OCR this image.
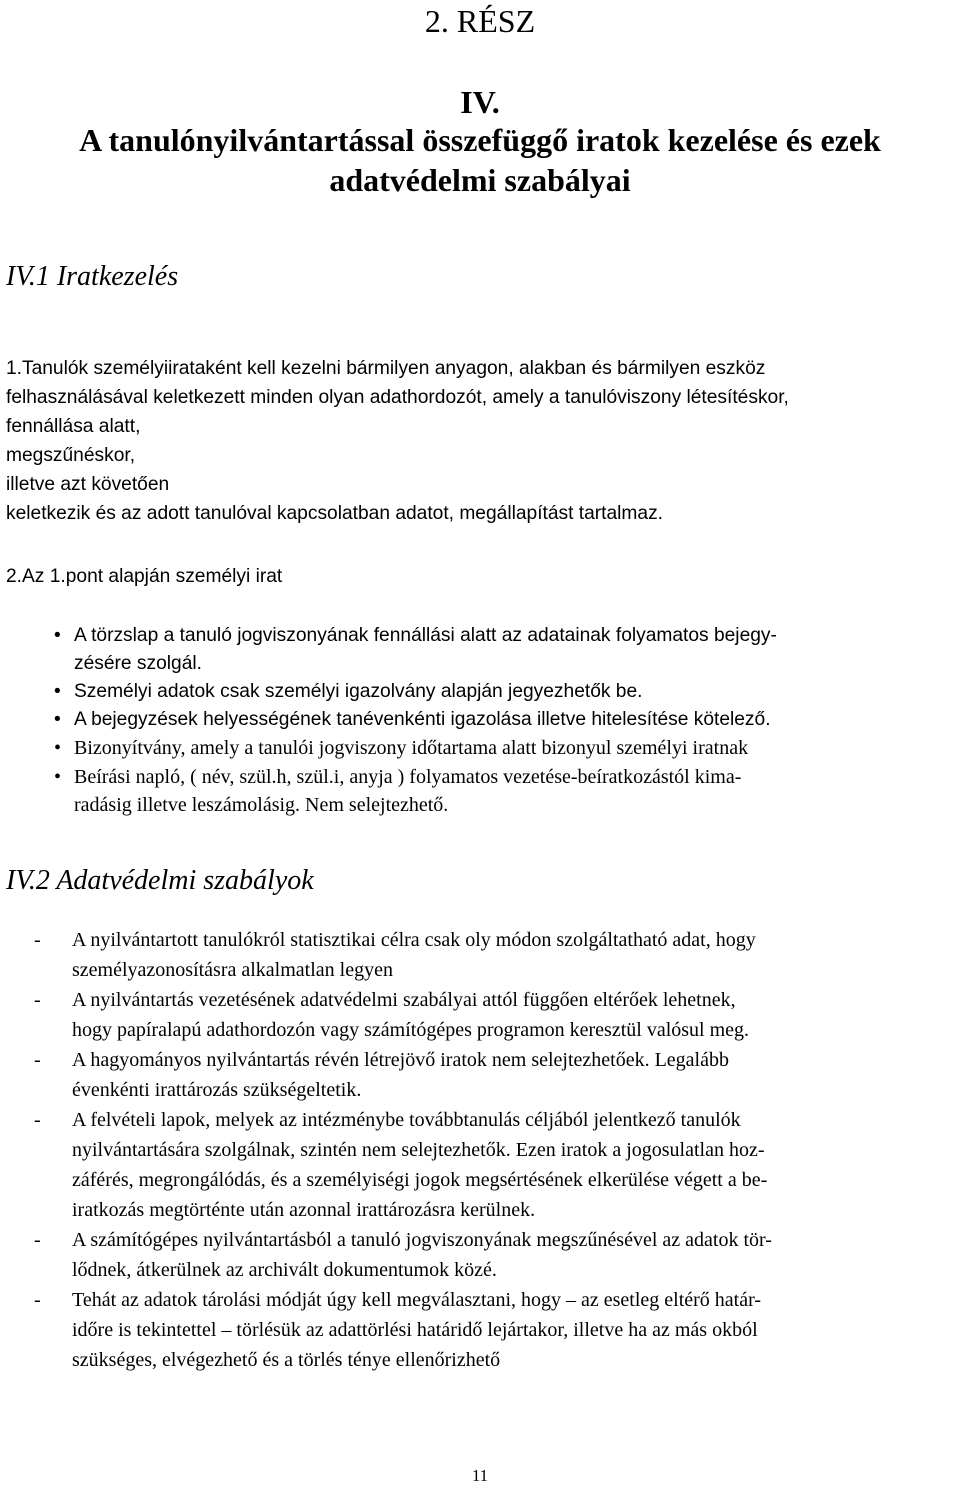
2. RÉSZ
IV.
A tanulónyilvántartással összefüggő iratok kezelése és ezek
adatvédelmi szabályai
IV.1 Iratkezelés
1.Tanulók személyiirataként kell kezelni bármilyen anyagon, alakban és bármilyen eszköz
felhasználásával keletkezett minden olyan adathordozót, amely a tanulóviszony létesítéskor,
fennállása alatt,
megszűnéskor,
illetve azt követően
keletkezik és az adott tanulóval kapcsolatban adatot, megállapítást tartalmaz.
2.Az 1.pont alapján személyi irat
• A törzslap a tanuló jogviszonyának fennállási alatt az adatainak folyamatos bejegy-
zésére szolgál.
• Személyi adatok csak személyi igazolvány alapján jegyezhetők be.
• A bejegyzések helyességének tanévenkénti igazolása illetve hitelesítése kötelező.
• Bizonyítvány, amely a tanulói jogviszony időtartama alatt bizonyul személyi iratnak
• Beírási napló, ( név, szül.h, szül.i, anyja ) folyamatos vezetése-beíratkozástól kima-
radásig illetve leszámolásig. Nem selejtezhető.
IV.2 Adatvédelmi szabályok
- A nyilvántartott tanulókról statisztikai célra csak oly módon szolgáltatható adat, hogy
személyazonosításra alkalmatlan legyen
- A nyilvántartás vezetésének adatvédelmi szabályai attól függően eltérőek lehetnek,
hogy papíralapú adathordozón vagy számítógépes programon keresztül valósul meg.
- A hagyományos nyilvántartás révén létrejövő iratok nem selejtezhetőek. Legalább
évenkénti irattározás szükségeltetik.
- A felvételi lapok, melyek az intézménybe továbbtanulás céljából jelentkező tanulók
nyilvántartására szolgálnak, szintén nem selejtezhetők. Ezen iratok a jogosulatlan hoz-
záférés, megrongálódás, és a személyiségi jogok megsértésének elkerülése végett a be-
iratkozás megtörténte után azonnal irattározásra kerülnek.
- A számítógépes nyilvántartásból a tanuló jogviszonyának megszűnésével az adatok tör-
lődnek, átkerülnek az archivált dokumentumok közé.
- Tehát az adatok tárolási módját úgy kell megválasztani, hogy – az esetleg eltérő határ-
időre is tekintettel – törlésük az adattörlési határidő lejártakor, illetve ha az más okból
szükséges, elvégezhető és a törlés ténye ellenőrizhető
11
